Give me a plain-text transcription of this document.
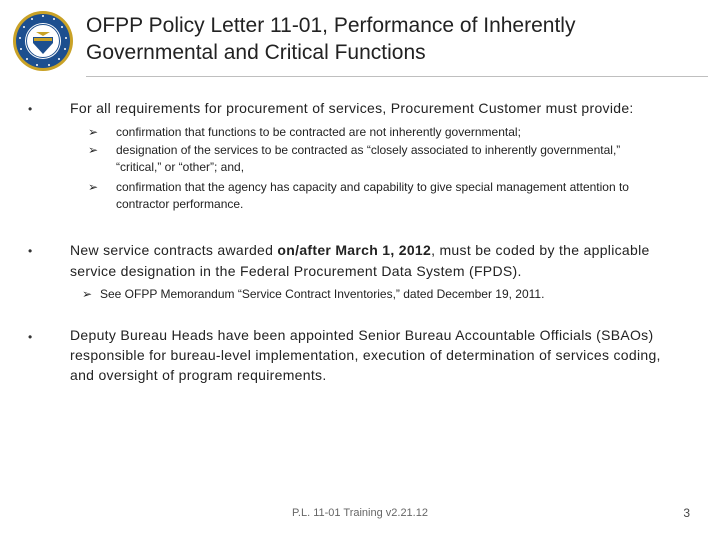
OFPP Policy Letter 11-01, Performance of Inherently
Governmental and Critical Functions
•	For all requirements for procurement of services, Procurement Customer must provide:
➢ confirmation that functions to be contracted are not inherently governmental;
➢ designation of the services to be contracted as “closely associated to inherently governmental,”
“critical,” or “other”; and,
➢ confirmation that the agency has capacity and capability to give special management attention to
contractor performance.
•	New service contracts awarded on/after March 1, 2012, must be coded by the applicable
service designation in the Federal Procurement Data System (FPDS).
➢ See OFPP Memorandum “Service Contract Inventories,” dated December 19, 2011.
•	Deputy Bureau Heads have been appointed Senior Bureau Accountable Officials (SBAOs)
responsible for bureau-level implementation, execution of determination of services coding,
and oversight of program requirements.
P.L. 11-01 Training v2.21.12	3
